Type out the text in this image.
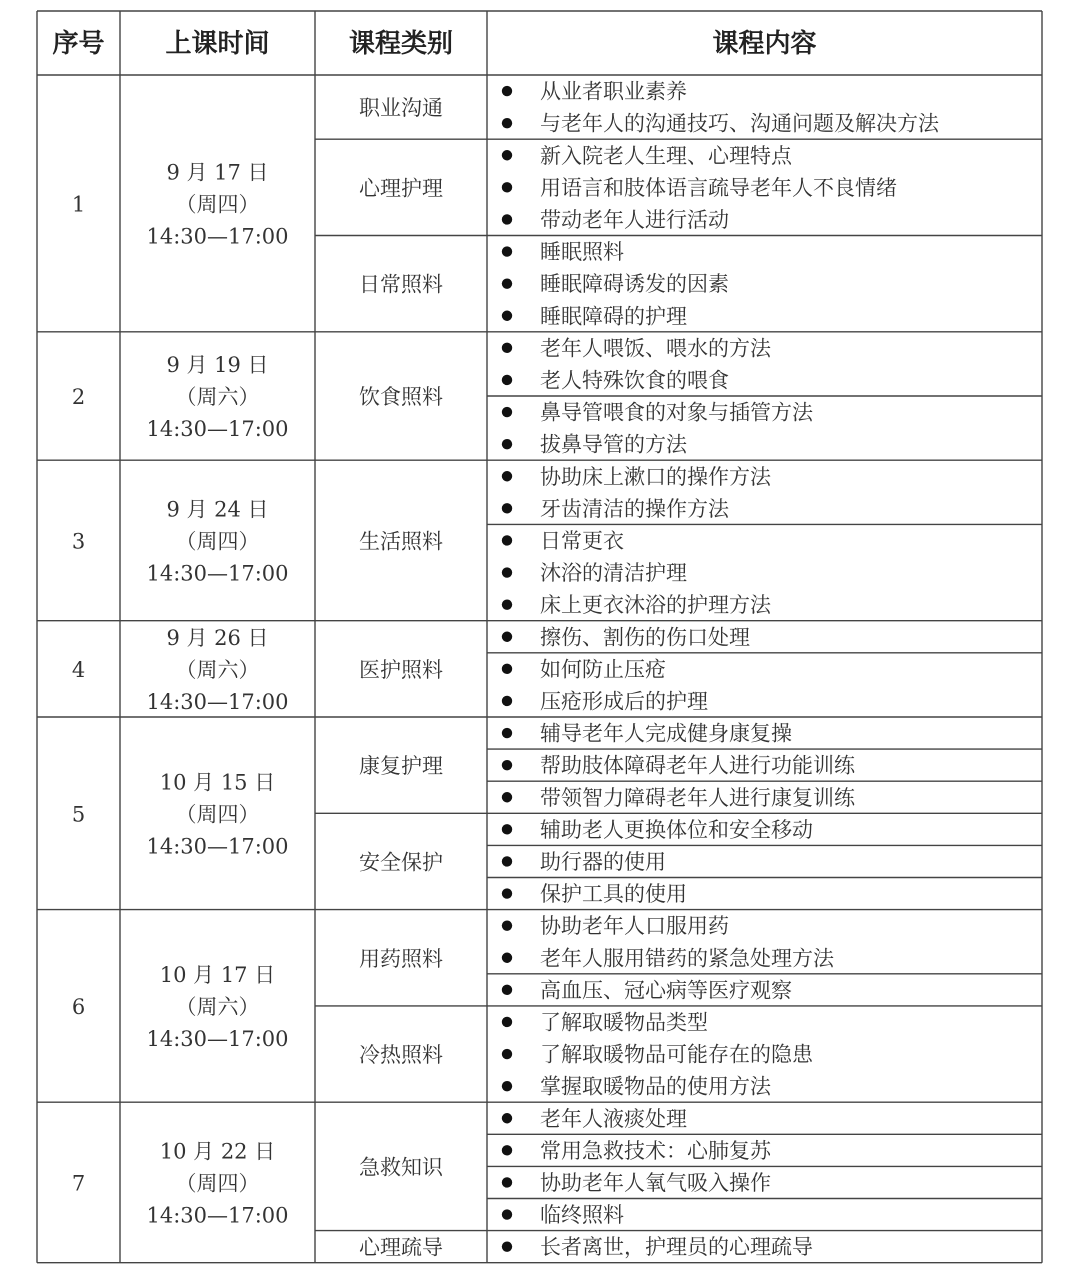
序号 上课时间	课程类别	课程内容
从业者职业素养
与老年人的沟通技巧、沟通问题及解决方法
职业沟通
新入院老人生理、心理特点
用语言和肢体语言疏导老年人不良情绪
带动老年人进行活动
心理护理
睡眠照料
睡眠障碍诱发的因素
睡眠障碍的护理
日常照料
1
9 月 17 日
（周四）
14:30—17:00
老年人喂饭、喂水的方法
老人特殊饮食的喂食
鼻导管喂食的对象与插管方法
拔鼻导管的方法
饮食照料
2
9 月 19 日
（周六）
14:30—17:00
协助床上漱口的操作方法
牙齿清洁的操作方法
日常更衣
沐浴的清洁护理
床上更衣沐浴的护理方法
生活照料
3
9 月 24 日
（周四）
14:30—17:00
擦伤、割伤的伤口处理
如何防止压疮
压疮形成后的护理
医护照料
4
9 月 26 日
（周六）
14:30—17:00
辅导老年人完成健身康复操
帮助肢体障碍老年人进行功能训练
带领智力障碍老年人进行康复训练
康复护理
辅助老人更换体位和安全移动
助行器的使用
保护工具的使用
安全保护
5
10 月 15 日
（周四）
14:30—17:00
协助老年人口服用药
老年人服用错药的紧急处理方法
高血压、冠心病等医疗观察
用药照料
了解取暖物品类型
了解取暖物品可能存在的隐患
掌握取暖物品的使用方法
冷热照料
6
10 月 17 日
（周六）
14:30—17:00
老年人液痰处理
常用急救技术：心肺复苏
协助老年人氧气吸入操作
临终照料
急救知识
长者离世，护理员的心理疏导
心理疏导
7
10 月 22 日
（周四）
14:30—17:00
